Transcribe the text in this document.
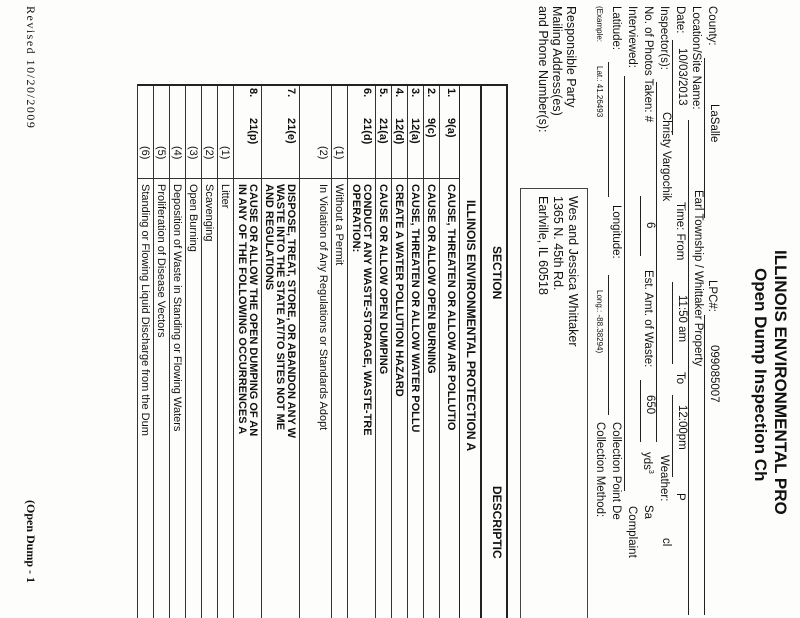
ILLINOIS ENVIRONMENTAL PRO
Open Dump Inspection Ch
County:
LaSalle
LPC#:
099085007
Location/Site Name:
Earl Township / Whittaker Property
Date:
10/03/2013
Time: From
11:50 am
To
12:00pm
P
Inspector(s):
Christy Vargochik
Weather:
cl
No. of Photos Taken: #
6
Est. Amt. of Waste:
650
yds$^3$
Sa
Interviewed:
Complaint
Latitude:
Longitude:
Collection Point De
(Example:
Lat.: 41.26493
Long.: -88.38294)
Collection Method:
Responsible Party
Mailing Address(es)
and Phone Number(s):
Wes and Jessica Whittaker
1365 N. 45th Rd.
Earlville, IL 60518
Revised 10/20/2009
(Open Dump - 1
SECTION
DESCRIPTIC
ILLINOIS ENVIRONMENTAL PROTECTION A
1.
9(a)
CAUSE, THREATEN OR ALLOW AIR POLLUTIO
2.
9(c)
CAUSE OR ALLOW OPEN BURNING
3.
12(a)
CAUSE, THREATEN OR ALLOW WATER POLLU
4.
12(d)
CREATE A WATER POLLUTION HAZARD
5.
21(a)
CAUSE OR ALLOW OPEN DUMPING
6.
21(d)
CONDUCT ANY WASTE-STORAGE, WASTE-TRE
OPERATION:
(1)
Without a Permit
(2)
In Violation of Any Regulations or Standards Adopt
7.
21(e)
DISPOSE, TREAT, STORE, OR ABANDON ANY W
WASTE INTO THE STATE AT/TO SITES NOT ME
AND REGULATIONS
8.
21(p)
CAUSE OR ALLOW THE OPEN DUMPING OF AN
IN ANY OF THE FOLLOWING OCCURRENCES A
(1)
Litter
(2)
Scavenging
(3)
Open Burning
(4)
Deposition of Waste in Standing or Flowing Waters
(5)
Proliferation of Disease Vectors
(6)
Standing or Flowing Liquid Discharge from the Dum
